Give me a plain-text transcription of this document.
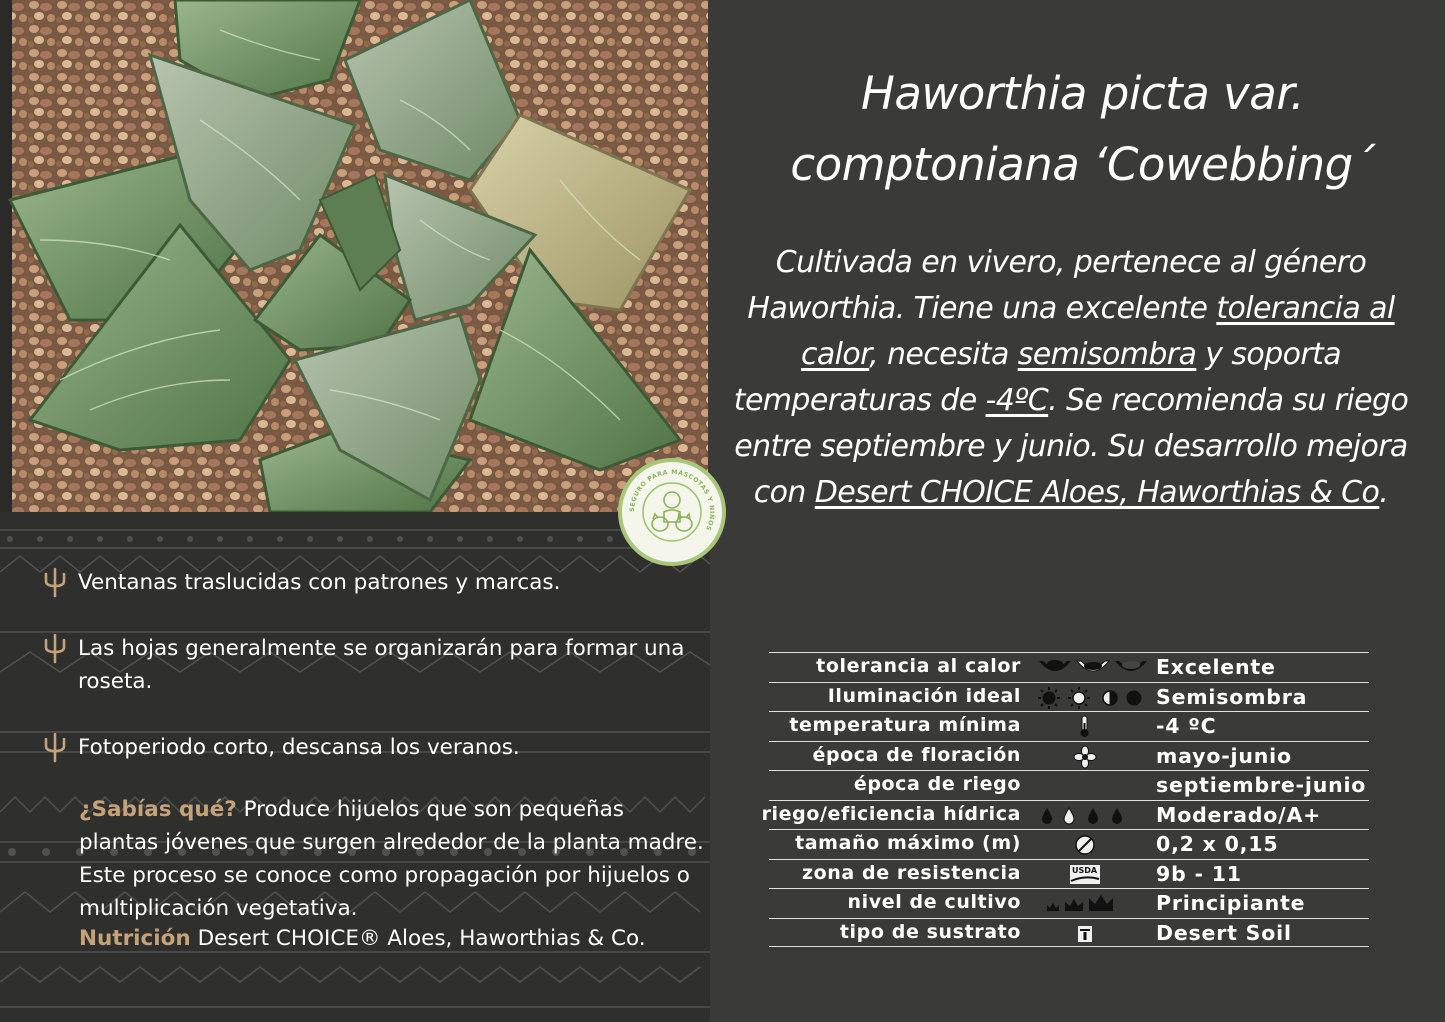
SEGURO PARA MASCOTAS Y NIÑOS
Ventanas traslucidas con patrones y marcas.
Las hojas generalmente se organizarán para formar una roseta.
Fotoperiodo corto, descansa los veranos.
¿Sabías qué? Produce hijuelos que son pequeñas plantas jóvenes que surgen alrededor de la planta madre. Este proceso se conoce como propagación por hijuelos o multiplicación vegetativa.
Nutrición Desert CHOICE® Aloes, Haworthias & Co.
Haworthia picta var.
comptoniana ‘Cowebbing´
Cultivada en vivero, pertenece al género
Haworthia. Tiene una excelente tolerancia al
calor, necesita semisombra y soporta
temperaturas de -4ºC. Se recomienda su riego
entre septiembre y junio. Su desarrollo mejora
con Desert CHOICE Aloes, Haworthias & Co.
tolerancia al calor	Excelente
Iluminación ideal	Semisombra
temperatura mínima	-4 ºC
época de floración	mayo-junio
época de riego	septiembre-junio
riego/eficiencia hídrica	Moderado/A+
tamaño máximo (m)	0,2 x 0,15
zona de resistencia	USDA	9b - 11
nivel de cultivo	Principiante
tipo de sustrato	Desert Soil
